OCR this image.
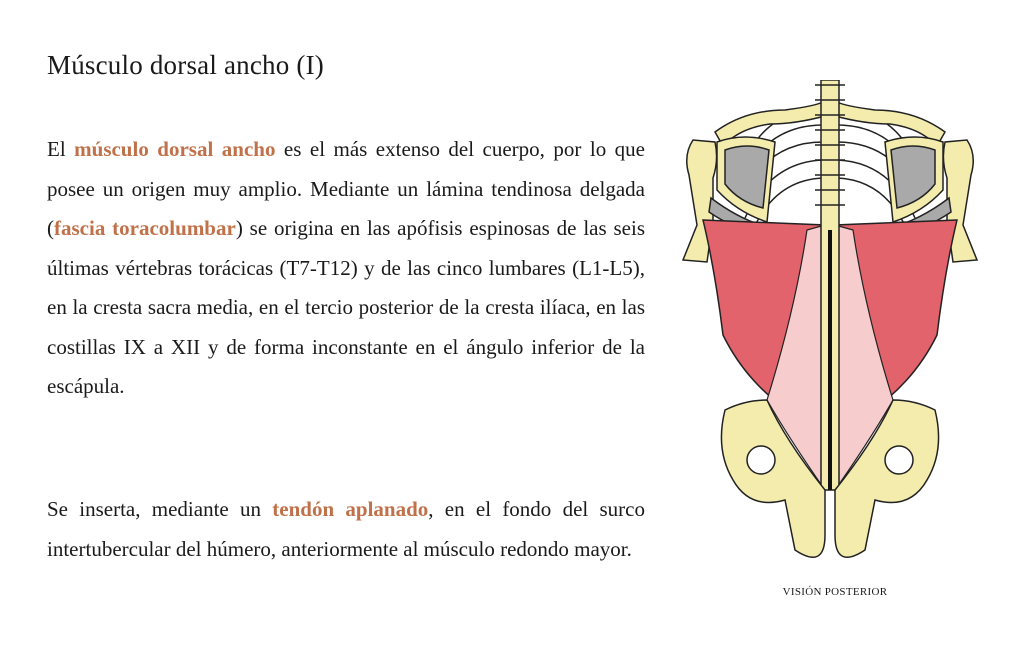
Músculo dorsal ancho (I)

El músculo dorsal ancho es el más extenso del cuerpo, por lo que posee un origen muy amplio. Mediante un lámina tendinosa delgada (fascia toracolumbar) se origina en las apófisis espinosas de las seis últimas vértebras torácicas (T7-T12) y de las cinco lumbares (L1-L5), en la cresta sacra media, en el tercio posterior de la cresta ilíaca, en las costillas IX a XII y de forma inconstante en el ángulo inferior de la escápula.

Se inserta, mediante un tendón aplanado, en el fondo del surco intertubercular del húmero, anteriormente al músculo redondo mayor.

VISIÓN POSTERIOR
